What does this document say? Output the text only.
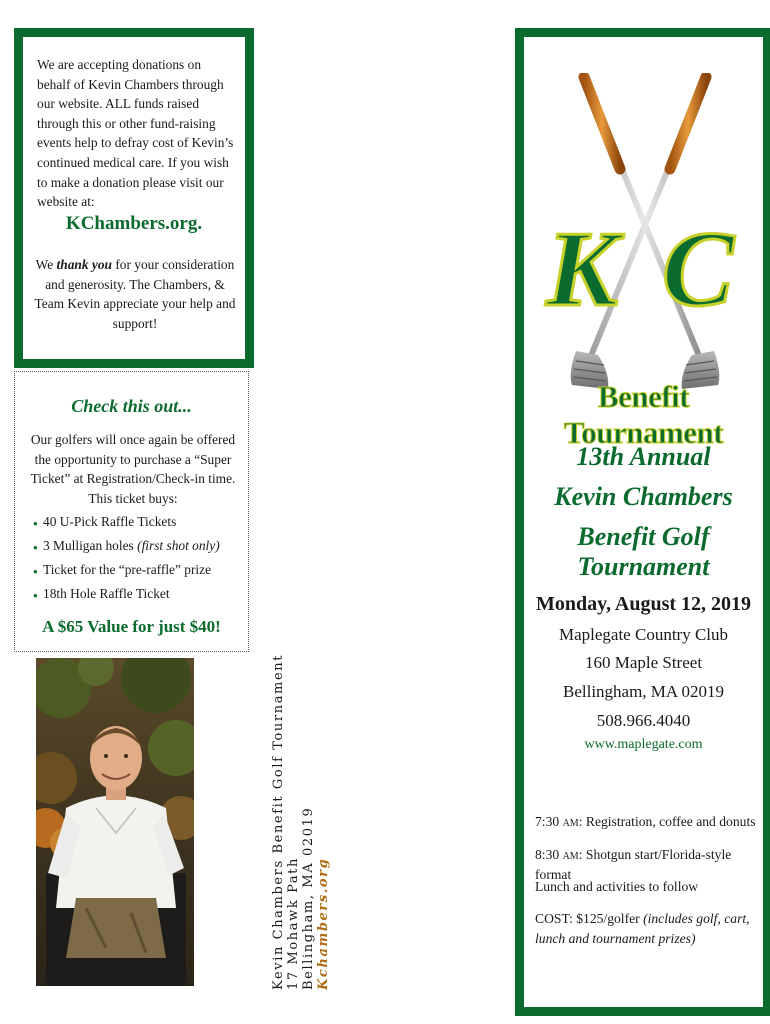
We are accepting donations on behalf of Kevin Chambers through our website. ALL funds raised through this or other fund-raising events help to defray cost of Kevin’s continued medical care. If you wish to make a donation please visit our website at:
KChambers.org.
We thank you for your consideration and generosity. The Chambers, & Team Kevin appreciate your help and support!
Check this out...
Our golfers will once again be offered the opportunity to purchase a “Super Ticket” at Registration/Check-in time. This ticket buys:
● 40 U-Pick Raffle Tickets
● 3 Mulligan holes (first shot only)
● Ticket for the “pre-raffle” prize
● 18th Hole Raffle Ticket
A $65 Value for just $40!
Kevin Chambers Benefit Golf Tournament 17 Mohawk Path Bellingham, MA 02019 Kchambers.org
K C
Benefit Tournament
13th Annual
Kevin Chambers
Benefit Golf Tournament
Monday, August 12, 2019
Maplegate Country Club
160 Maple Street
Bellingham, MA 02019
508.966.4040
www.maplegate.com
7:30 am: Registration, coffee and donuts
8:30 am: Shotgun start/Florida-style format
Lunch and activities to follow
COST: $125/golfer (includes golf, cart, lunch and tournament prizes)
